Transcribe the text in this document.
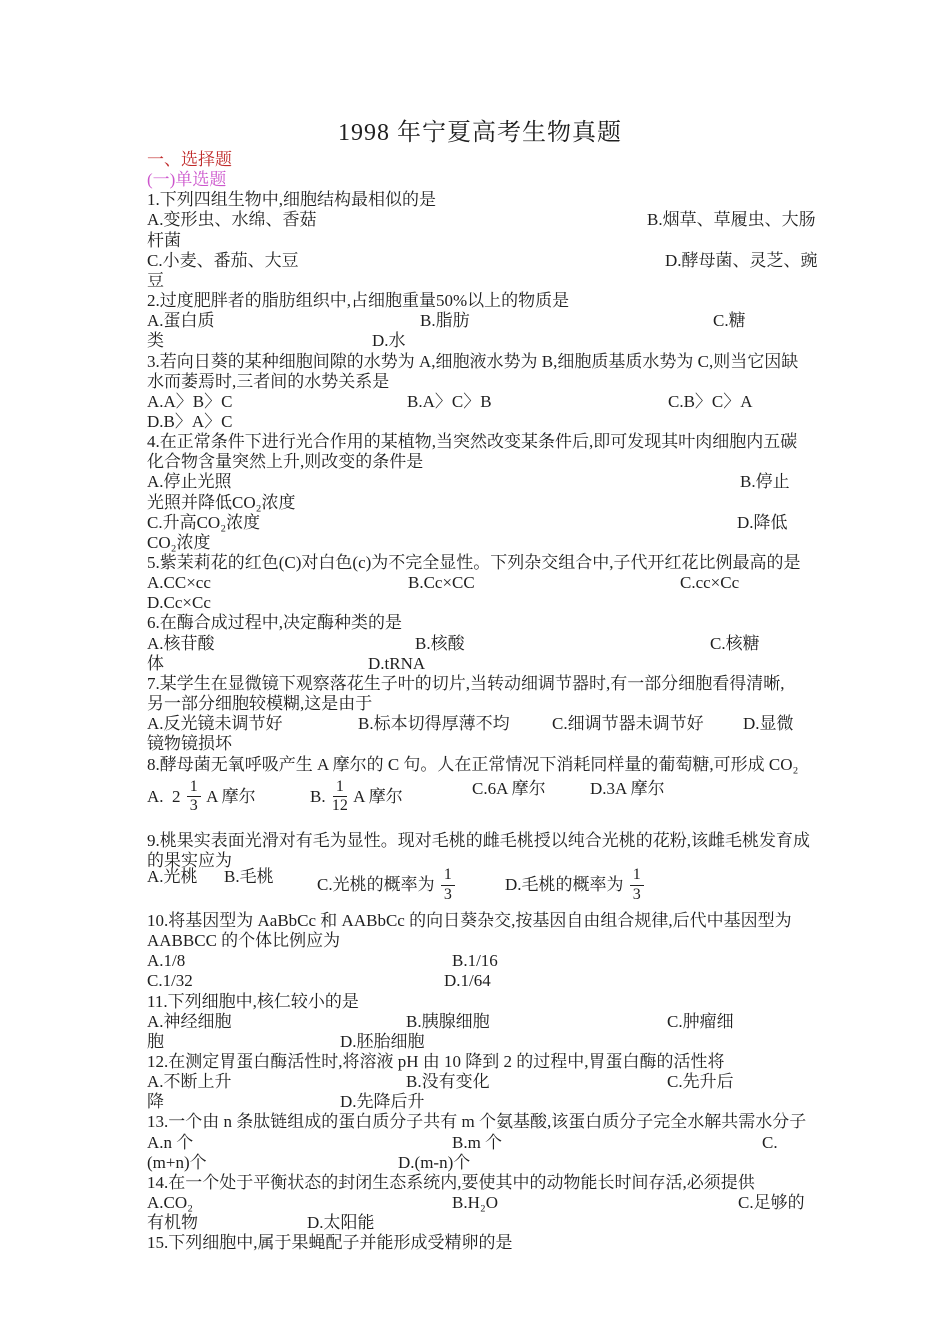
1998 年宁夏高考生物真题
一、选择题
(一)单选题
1.下列四组生物中,细胞结构最相似的是
A.变形虫、水绵、香菇	B.烟草、草履虫、大肠
杆菌
C.小麦、番茄、大豆	D.酵母菌、灵芝、豌
豆
2.过度肥胖者的脂肪组织中,占细胞重量50%以上的物质是
A.蛋白质	B.脂肪	C.糖
类	D.水
3.若向日葵的某种细胞间隙的水势为 A,细胞液水势为 B,细胞质基质水势为 C,则当它因缺
水而萎焉时,三者间的水势关系是
A.A〉B〉C	B.A〉C〉B	C.B〉C〉A
D.B〉A〉C
4.在正常条件下进行光合作用的某植物,当突然改变某条件后,即可发现其叶肉细胞内五碳
化合物含量突然上升,则改变的条件是
A.停止光照	B.停止
光照并降低CO₂浓度
C.升高CO₂浓度	D.降低
CO₂浓度
5.紫茉莉花的红色(C)对白色(c)为不完全显性。下列杂交组合中,子代开红花比例最高的是
A.CC×cc	B.Cc×CC	C.cc×Cc
D.Cc×Cc
6.在酶合成过程中,决定酶种类的是
A.核苷酸	B.核酸	C.核糖
体	D.tRNA
7.某学生在显微镜下观察落花生子叶的切片,当转动细调节器时,有一部分细胞看得清晰,
另一部分细胞较模糊,这是由于
A.反光镜未调节好	B.标本切得厚薄不均 C.细调节器未调节好 D.显微
镜物镜损坏
8.酵母菌无氧呼吸产生 A 摩尔的 C 句。人在正常情况下消耗同样量的葡萄糖,可形成 CO₂
A.  $2 \frac{1}{3}$ A 摩尔	B. $\frac{1}{12}$ A 摩尔	C.6A 摩尔	D.3A 摩尔
9.桃果实表面光滑对有毛为显性。现对毛桃的雌毛桃授以纯合光桃的花粉,该雌毛桃发育成
的果实应为
A.光桃 B.毛桃	C.光桃的概率为 $\frac{1}{3}$	D.毛桃的概率为 $\frac{1}{3}$
10.将基因型为 AaBbCc 和 AABbCc 的向日葵杂交,按基因自由组合规律,后代中基因型为
AABBCC 的个体比例应为
A.1/8	B.1/16
C.1/32	D.1/64
11.下列细胞中,核仁较小的是
A.神经细胞	B.胰腺细胞	C.肿瘤细
胞	D.胚胎细胞
12.在测定胃蛋白酶活性时,将溶液 pH 由 10 降到 2 的过程中,胃蛋白酶的活性将
A.不断上升	B.没有变化	C.先升后
降	D.先降后升
13.一个由 n 条肽链组成的蛋白质分子共有 m 个氨基酸,该蛋白质分子完全水解共需水分子
A.n 个	B.m 个	C.
(m+n)个	D.(m-n)个
14.在一个处于平衡状态的封闭生态系统内,要使其中的动物能长时间存活,必须提供
A.CO₂	B.H₂O	C.足够的
有机物	D.太阳能
15.下列细胞中,属于果蝇配子并能形成受精卵的是
